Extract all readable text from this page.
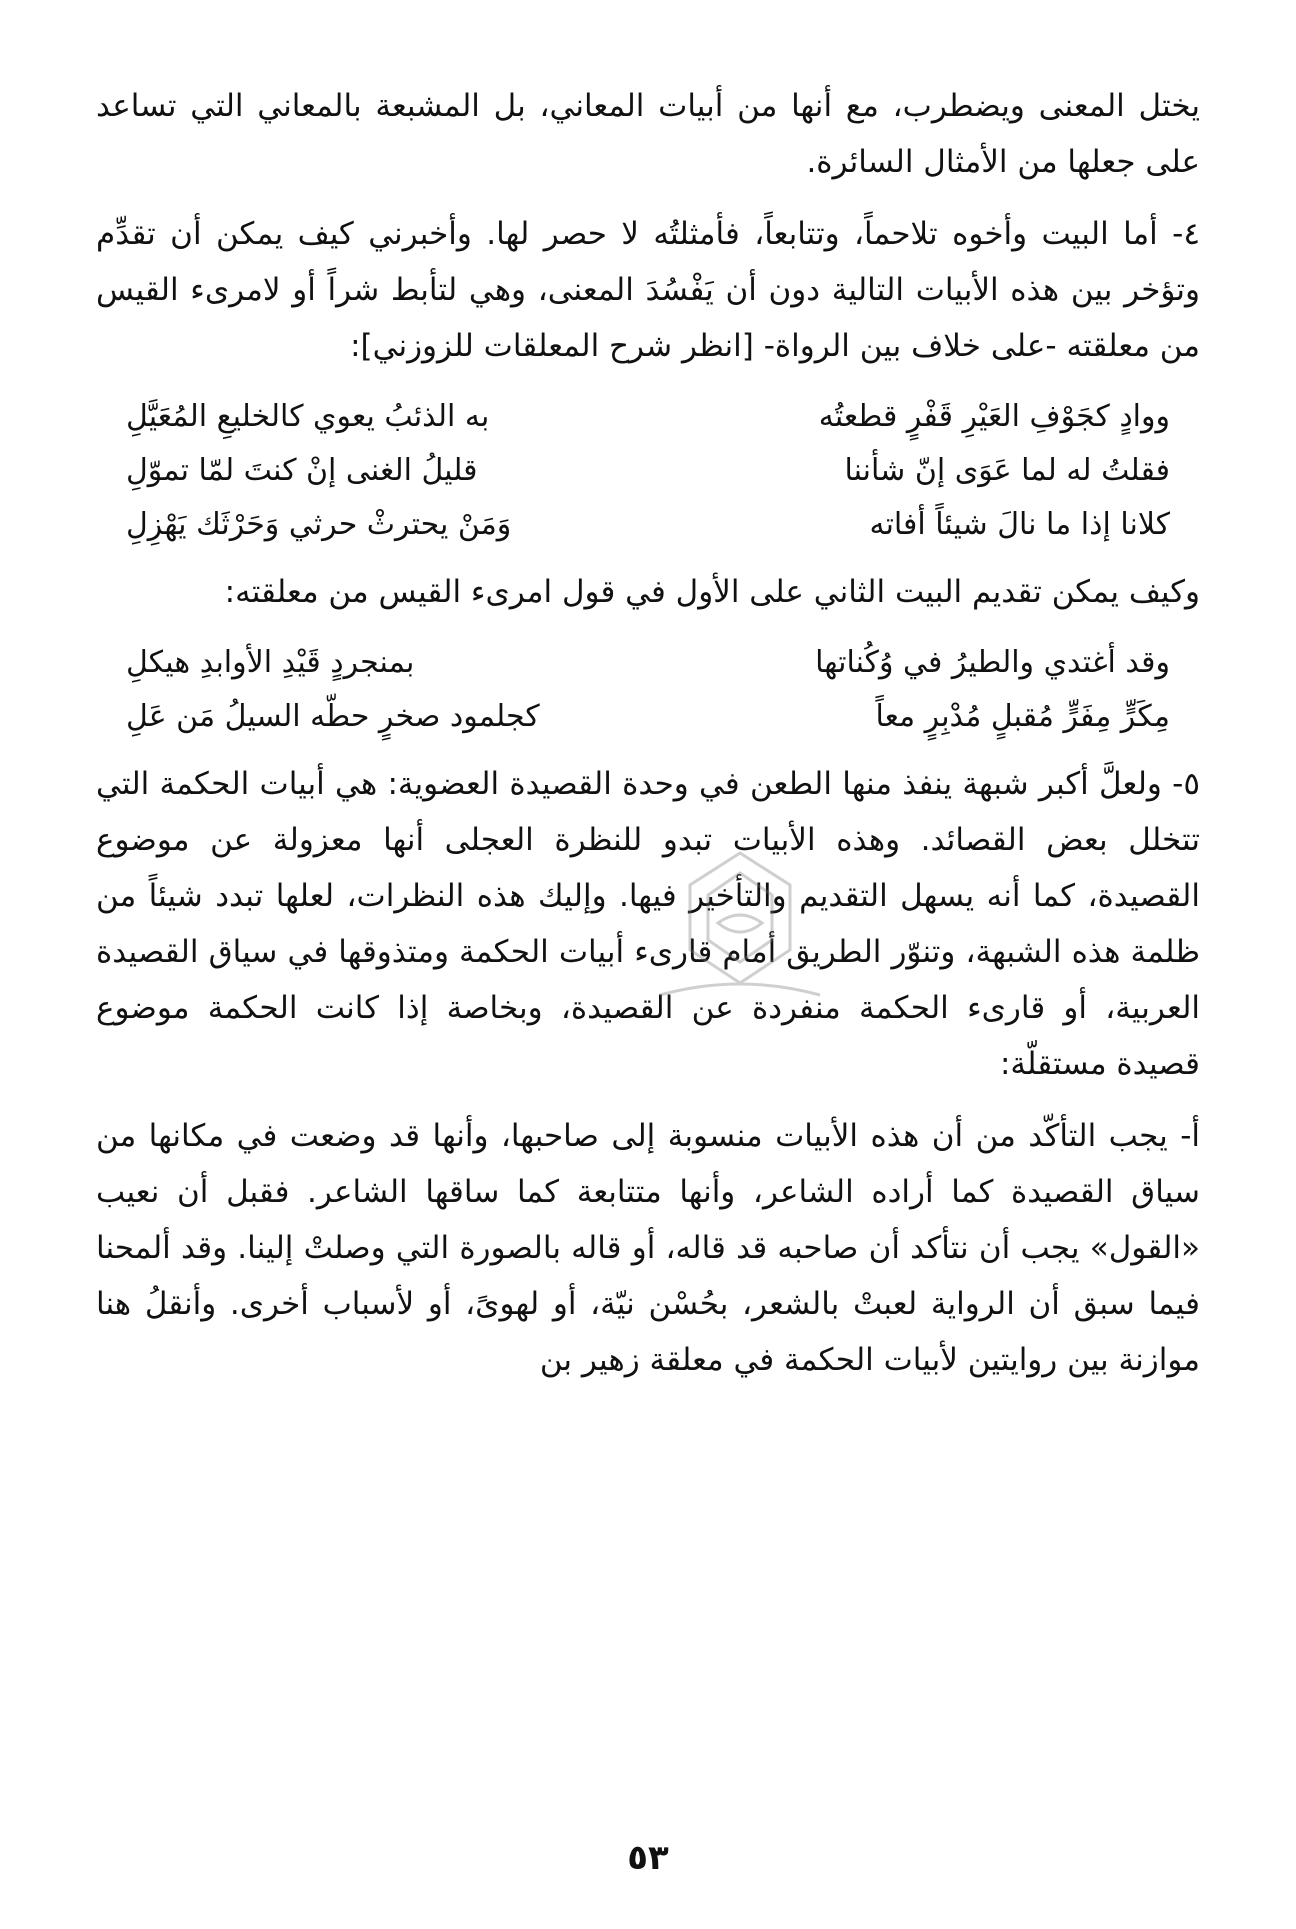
يختل المعنى ويضطرب، مع أنها من أبيات المعاني، بل المشبعة بالمعاني التي تساعد على جعلها من الأمثال السائرة.

٤- أما البيت وأخوه تلاحماً، وتتابعاً، فأمثلتُه لا حصر لها. وأخبرني كيف يمكن أن تقدِّم وتؤخر بين هذه الأبيات التالية دون أن يَفْسُدَ المعنى، وهي لتأبط شراً أو لامرىء القيس من معلقته -على خلاف بين الرواة- [انظر شرح المعلقات للزوزني]:

ووادٍ كجَوْفِ العَيْرِ قَفْرٍ قطعتُه
به الذئبُ يعوي كالخليعِ المُعَيَّلِ
فقلتُ له لما عَوَى إنّ شأننا
قليلُ الغنى إنْ كنتَ لمّا تموّلِ
كلانا إذا ما نالَ شيئاً أفاته
وَمَنْ يحترثْ حرثي وَحَرْثَك يَهْزِلِ

وكيف يمكن تقديم البيت الثاني على الأول في قول امرىء القيس من معلقته:

وقد أغتدي والطيرُ في وُكُناتها
بمنجردٍ قَيْدِ الأوابدِ هيكلِ
مِكَرٍّ مِفَرٍّ مُقبلٍ مُدْبِرٍ معاً
كجلمود صخرٍ حطّه السيلُ مَن عَلِ

٥- ولعلَّ أكبر شبهة ينفذ منها الطعن في وحدة القصيدة العضوية: هي أبيات الحكمة التي تتخلل بعض القصائد. وهذه الأبيات تبدو للنظرة العجلى أنها معزولة عن موضوع القصيدة، كما أنه يسهل التقديم والتأخير فيها. وإليك هذه النظرات، لعلها تبدد شيئاً من ظلمة هذه الشبهة، وتنوّر الطريق أمام قارىء أبيات الحكمة ومتذوقها في سياق القصيدة العربية، أو قارىء الحكمة منفردة عن القصيدة، وبخاصة إذا كانت الحكمة موضوع قصيدة مستقلّة:

أ- يجب التأكّد من أن هذه الأبيات منسوبة إلى صاحبها، وأنها قد وضعت في مكانها من سياق القصيدة كما أراده الشاعر، وأنها متتابعة كما ساقها الشاعر. فقبل أن نعيب «القول» يجب أن نتأكد أن صاحبه قد قاله، أو قاله بالصورة التي وصلتْ إلينا. وقد ألمحنا فيما سبق أن الرواية لعبتْ بالشعر، بحُسْن نيّة، أو لهوىً، أو لأسباب أخرى. وأنقلُ هنا موازنة بين روايتين لأبيات الحكمة في معلقة زهير بن

٥٣
